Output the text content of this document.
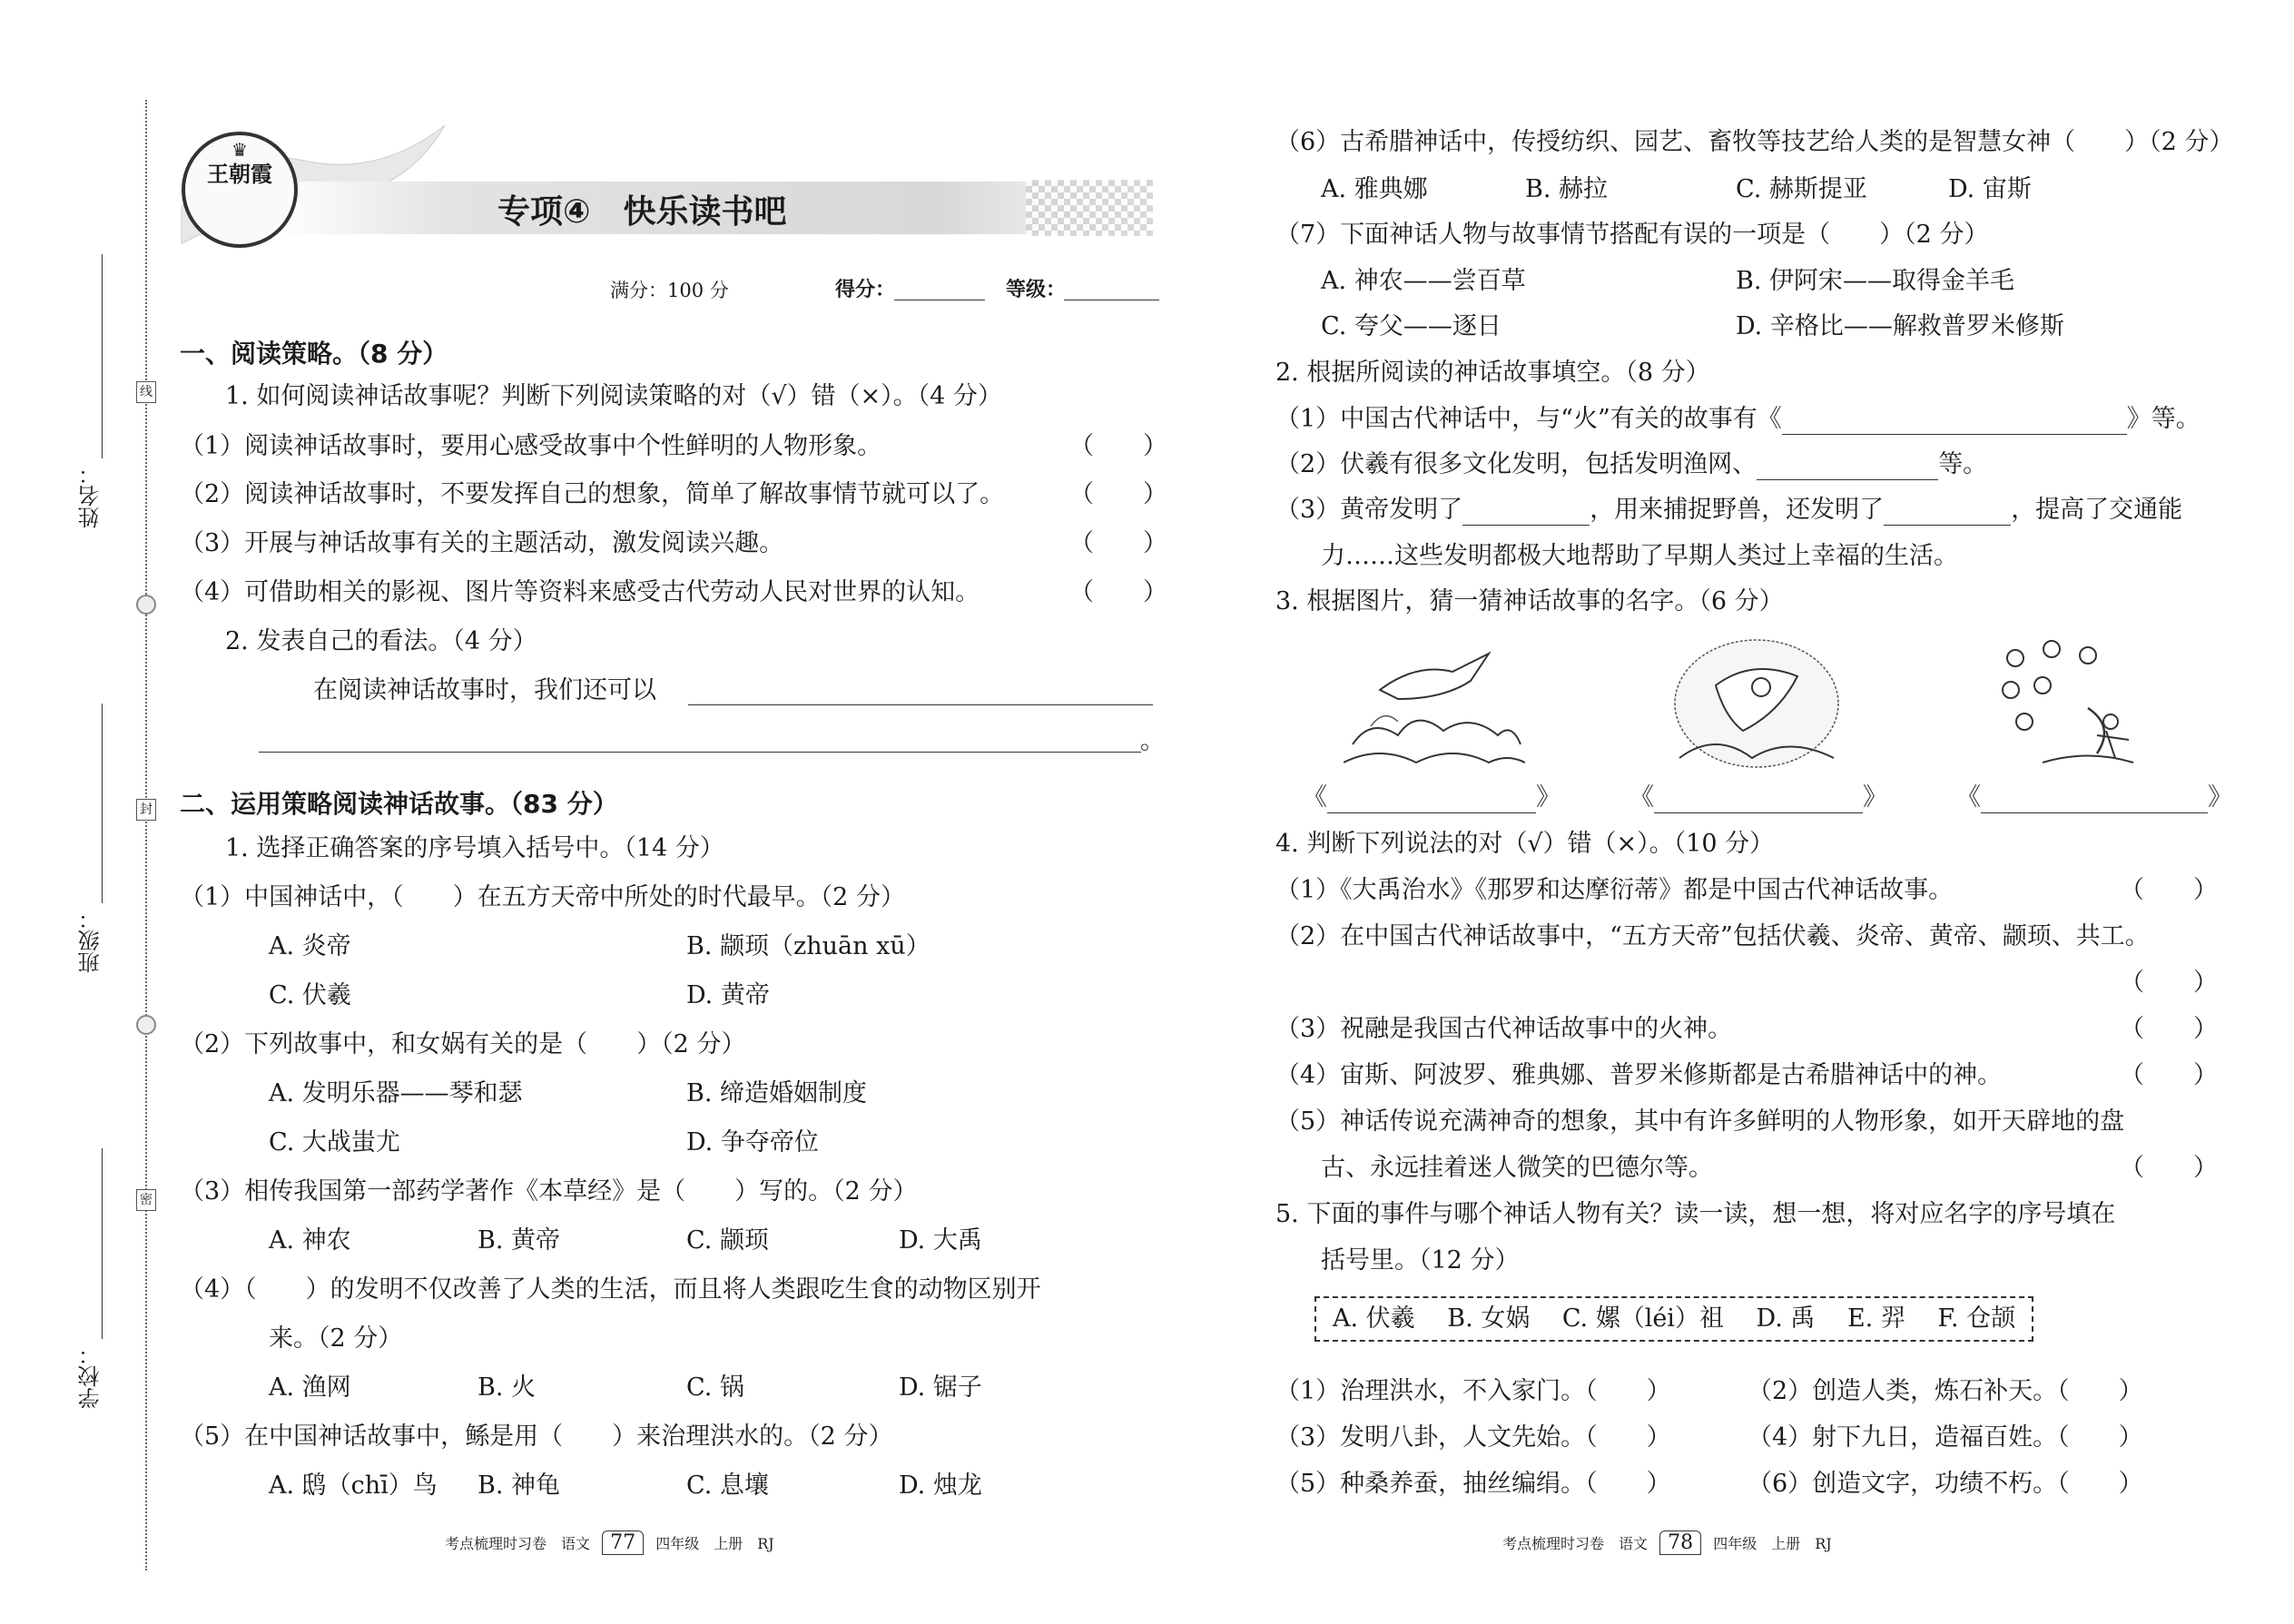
线
封
密
姓名：
班级：
学校：
♛
王朝霞
专项④　快乐读书吧
满分：100 分	得分：	等级：
一、阅读策略。（8 分）
1. 如何阅读神话故事呢？判断下列阅读策略的对（√）错（×）。（4 分）
（1）阅读神话故事时，要用心感受故事中个性鲜明的人物形象。	（　　）
（2）阅读神话故事时，不要发挥自己的想象，简单了解故事情节就可以了。	（　　）
（3）开展与神话故事有关的主题活动，激发阅读兴趣。	（　　）
（4）可借助相关的影视、图片等资料来感受古代劳动人民对世界的认知。	（　　）
2. 发表自己的看法。（4 分）
在阅读神话故事时，我们还可以
。
二、运用策略阅读神话故事。（83 分）
1. 选择正确答案的序号填入括号中。（14 分）
（1）中国神话中，（　　）在五方天帝中所处的时代最早。（2 分）
A. 炎帝	B. 颛顼（zhuān xū）
C. 伏羲	D. 黄帝
（2）下列故事中，和女娲有关的是（　　）（2 分）
A. 发明乐器——琴和瑟	B. 缔造婚姻制度
C. 大战蚩尤	D. 争夺帝位
（3）相传我国第一部药学著作《本草经》是（　　）写的。（2 分）
A. 神农	B. 黄帝	C. 颛顼	D. 大禹
（4）（　　）的发明不仅改善了人类的生活，而且将人类跟吃生食的动物区别开
来。（2 分）
A. 渔网	B. 火	C. 锅	D. 锯子
（5）在中国神话故事中，鲧是用（　　）来治理洪水的。（2 分）
A. 鸱（chī）鸟 B. 神龟	C. 息壤	D. 烛龙
考点梳理时习卷　语文 77 四年级　上册　RJ
（6）古希腊神话中，传授纺织、园艺、畜牧等技艺给人类的是智慧女神（　　）（2 分）
A. 雅典娜	B. 赫拉	C. 赫斯提亚	D. 宙斯
（7）下面神话人物与故事情节搭配有误的一项是（　　）（2 分）
A. 神农——尝百草	B. 伊阿宋——取得金羊毛
C. 夸父——逐日	D. 辛格比——解救普罗米修斯
2. 根据所阅读的神话故事填空。（8 分）
（1）中国古代神话中，与“火”有关的故事有《	》等。
（2）伏羲有很多文化发明，包括发明渔网、	等。
（3）黄帝发明了	，用来捕捉野兽，还发明了	，提高了交通能
力……这些发明都极大地帮助了早期人类过上幸福的生活。
3. 根据图片，猜一猜神话故事的名字。（6 分）
《	》	《	》	《	》
4. 判断下列说法的对（√）错（×）。（10 分）
（1）《大禹治水》《那罗和达摩衍蒂》都是中国古代神话故事。	（　　）
（2）在中国古代神话故事中，“五方天帝”包括伏羲、炎帝、黄帝、颛顼、共工。
（　　）
（3）祝融是我国古代神话故事中的火神。	（　　）
（4）宙斯、阿波罗、雅典娜、普罗米修斯都是古希腊神话中的神。	（　　）
（5）神话传说充满神奇的想象，其中有许多鲜明的人物形象，如开天辟地的盘
古、永远挂着迷人微笑的巴德尔等。	（　　）
5. 下面的事件与哪个神话人物有关？读一读，想一想，将对应名字的序号填在
括号里。（12 分）
A. 伏羲　 B. 女娲　 C. 嫘（léi）祖　 D. 禹　 E. 羿　 F. 仓颉
（1）治理洪水，不入家门。（　　）	（2）创造人类，炼石补天。（　　）
（3）发明八卦，人文先始。（　　）	（4）射下九日，造福百姓。（　　）
（5）种桑养蚕，抽丝编绢。（　　）	（6）创造文字，功绩不朽。（　　）
考点梳理时习卷　语文 78 四年级　上册　RJ
